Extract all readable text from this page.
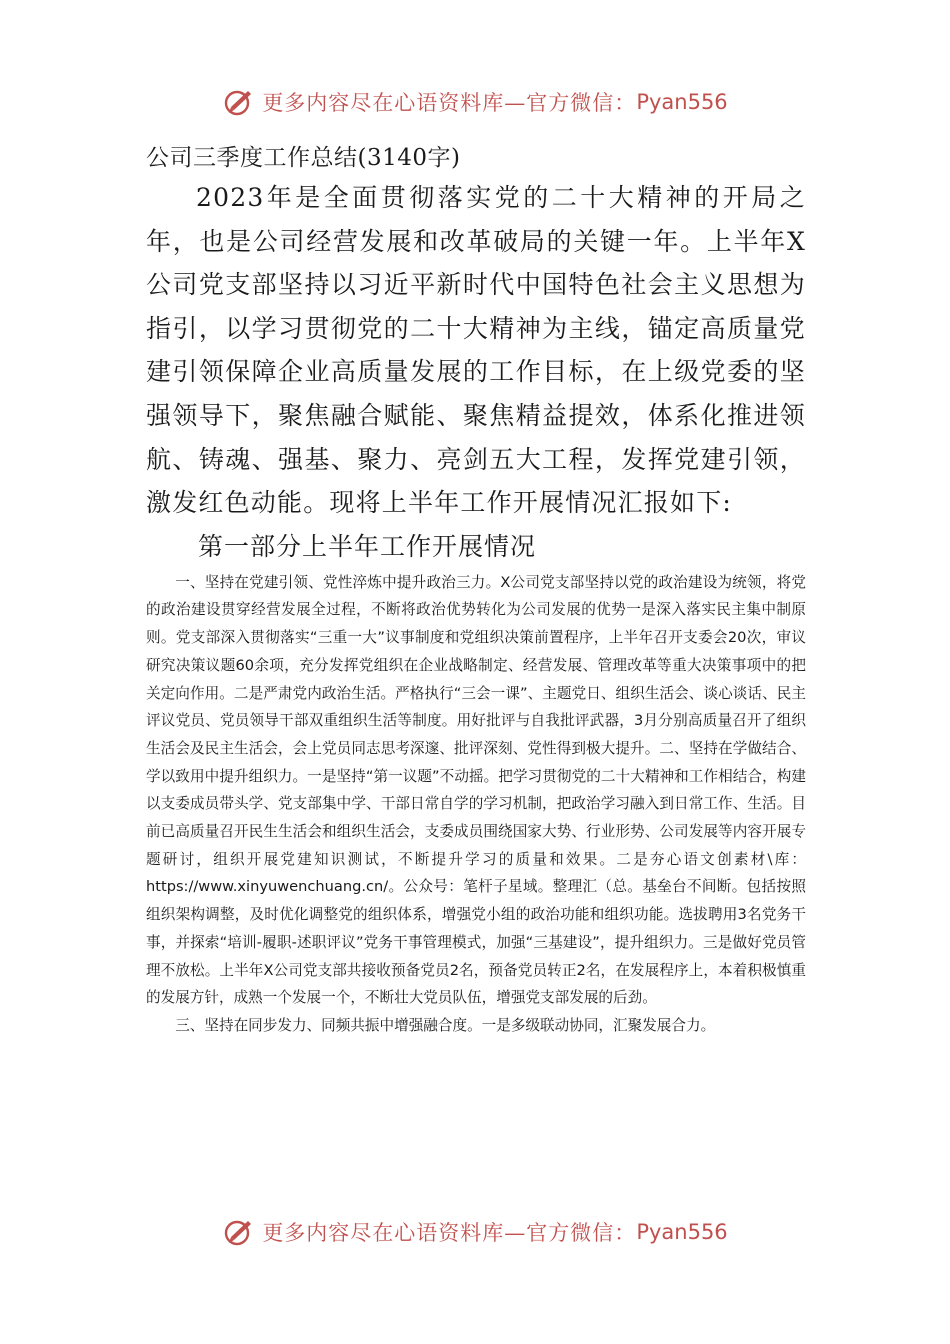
更多内容尽在心语资料库—官方微信： Pyan556

公司三季度工作总结(3140字)

2023年是全面贯彻落实党的二十大精神的开局之年，也是公司经营发展和改革破局的关键一年。上半年X公司党支部坚持以习近平新时代中国特色社会主义思想为指引，以学习贯彻党的二十大精神为主线，锚定高质量党建引领保障企业高质量发展的工作目标，在上级党委的坚强领导下，聚焦融合赋能、聚焦精益提效，体系化推进领航、铸魂、强基、聚力、亮剑五大工程，发挥党建引领，激发红色动能。现将上半年工作开展情况汇报如下:

第一部分上半年工作开展情况

一、坚持在党建引领、党性淬炼中提升政治三力。X公司党支部坚持以党的政治建设为统领，将党的政治建设贯穿经营发展全过程，不断将政治优势转化为公司发展的优势一是深入落实民主集中制原则。党支部深入贯彻落实“三重一大”议事制度和党组织决策前置程序，上半年召开支委会20次，审议研究决策议题60余项，充分发挥党组织在企业战略制定、经营发展、管理改革等重大决策事项中的把关定向作用。二是严肃党内政治生活。严格执行“三会一课”、主题党日、组织生活会、谈心谈话、民主评议党员、党员领导干部双重组织生活等制度。用好批评与自我批评武器，3月分别高质量召开了组织生活会及民主生活会，会上党员同志思考深邃、批评深刻、党性得到极大提升。二、坚持在学做结合、学以致用中提升组织力。一是坚持“第一议题”不动摇。把学习贯彻党的二十大精神和工作相结合，构建以支委成员带头学、党支部集中学、干部日常自学的学习机制，把政治学习融入到日常工作、生活。目前已高质量召开民生生活会和组织生活会，支委成员围绕国家大势、行业形势、公司发展等内容开展专题研讨，组织开展党建知识测试，不断提升学习的质量和效果。二是夯心语文创素材\库：https://www.xinyuwenchuang.cn/。公众号：笔杆子星域。整理汇（总。基垒台不间断。包括按照组织架构调整，及时优化调整党的组织体系，增强党小组的政治功能和组织功能。选拔聘用3名党务干事，并探索“培训-履职-述职评议”党务干事管理模式，加强“三基建设”，提升组织力。三是做好党员管理不放松。上半年X公司党支部共接收预备党员2名，预备党员转正2名，在发展程序上，本着积极慎重的发展方针，成熟一个发展一个，不断壮大党员队伍，增强党支部发展的后劲。

三、坚持在同步发力、同频共振中增强融合度。一是多级联动协同，汇聚发展合力。

更多内容尽在心语资料库—官方微信： Pyan556
